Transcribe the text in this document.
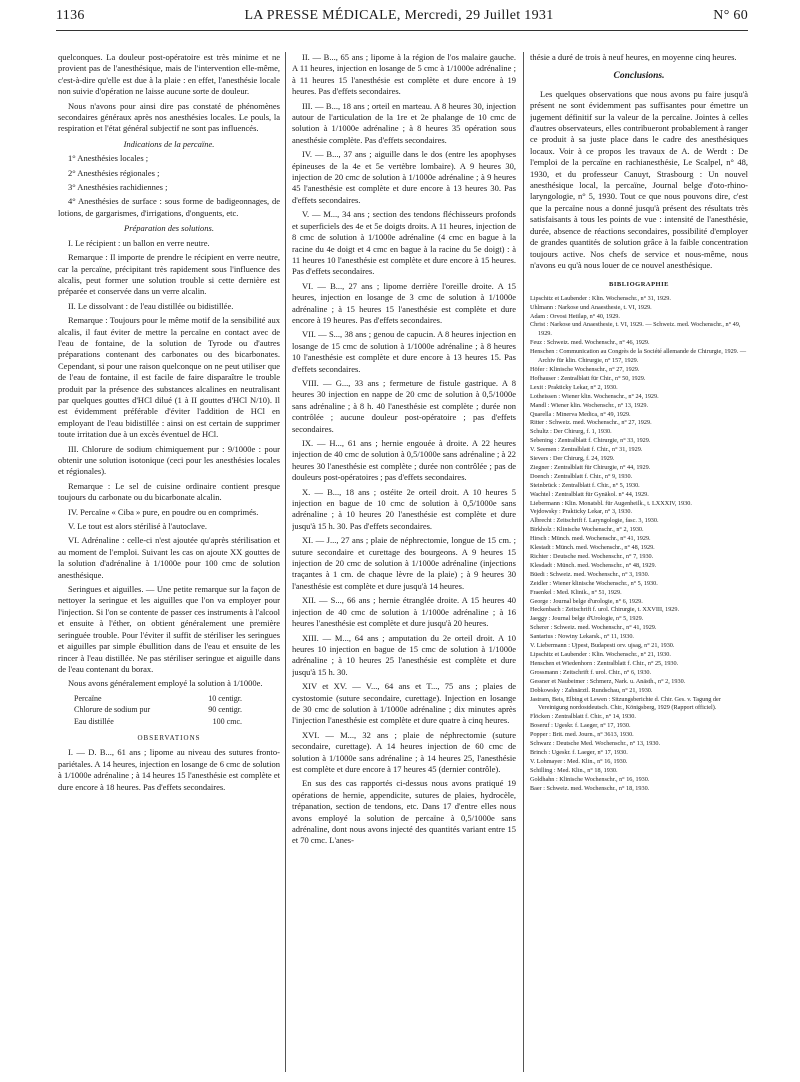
1136	LA PRESSE MÉDICALE, Mercredi, 29 Juillet 1931	N° 60

quelconques. La douleur post-opératoire est très minime et ne provient pas de l'anesthésique, mais de l'intervention elle-même, c'est-à-dire qu'elle est due à la plaie : en effet, l'anesthésie locale non suivie d'opération ne laisse aucune sorte de douleur.

Nous n'avons pour ainsi dire pas constaté de phénomènes secondaires généraux après nos anesthésies locales. Le pouls, la respiration et l'état général subjectif ne sont pas influencés.

Indications de la percaïne.

1° Anesthésies locales ;

2° Anesthésies régionales ;

3° Anesthésies rachidiennes ;

4° Anesthésies de surface : sous forme de badigeonnages, de lotions, de gargarismes, d'irrigations, d'onguents, etc.

Préparation des solutions.

I. Le récipient : un ballon en verre neutre.

Remarque : Il importe de prendre le récipient en verre neutre, car la percaïne, précipitant très rapidement sous l'influence des alcalis, peut former une solution trouble si cette dernière est préparée et conservée dans un verre alcalin.

II. Le dissolvant : de l'eau distillée ou bidistillée.

Remarque : Toujours pour le même motif de la sensibilité aux alcalis, il faut éviter de mettre la percaïne en contact avec de l'eau de fontaine, de la solution de Tyrode ou d'autres préparations contenant des carbonates ou des bicarbonates. Cependant, si pour une raison quelconque on ne peut utiliser que de l'eau de fontaine, il est facile de faire disparaître le trouble produit par la présence des substances alcalines en neutralisant par quelques gouttes d'HCl dilué (1 à II gouttes d'HCl N/10). Il est évidemment préférable d'éviter l'addition de HCl en employant de l'eau bidistillée : ainsi on est certain de supprimer toute irritation due à un excès éventuel de HCl.

III. Chlorure de sodium chimiquement pur : 9/1000e : pour obtenir une solution isotonique (ceci pour les anesthésies locales et régionales).

Remarque : Le sel de cuisine ordinaire contient presque toujours du carbonate ou du bicarbonate alcalin.

IV. Percaïne « Ciba » pure, en poudre ou en comprimés.

V. Le tout est alors stérilisé à l'autoclave.

VI. Adrénaline : celle-ci n'est ajoutée qu'après stérilisation et au moment de l'emploi. Suivant les cas on ajoute XX gouttes de la solution d'adrénaline à 1/1000e pour 100 cmc de solution anesthésique.

Seringues et aiguilles. — Une petite remarque sur la façon de nettoyer la seringue et les aiguilles que l'on va employer pour l'injection. Si l'on se contente de passer ces instruments à l'alcool et ensuite à l'éther, on obtient généralement une première seringuée trouble. Pour l'éviter il suffit de stériliser les seringues et aiguilles par simple ébullition dans de l'eau et ensuite de les rincer à l'eau distillée. Ne pas stériliser seringue et aiguille dans de l'eau contenant du borax.

Nous avons généralement employé la solution à 1/1000e.

Percaïne	10 centigr.
Chlorure de sodium pur	90 centigr.
Eau distillée	100 cmc.
OBSERVATIONS

I. — D. B..., 61 ans ; lipome au niveau des sutures fronto-pariétales. A 14 heures, injection en losange de 6 cmc de solution à 1/1000e adrénaline ; à 14 heures 15 l'anesthésie est complète et dure encore à 18 heures. Pas d'effets secondaires.

II. — B..., 65 ans ; lipome à la région de l'os malaire gauche. A 11 heures, injection en losange de 5 cmc à 1/1000e adrénaline ; à 11 heures 15 l'anesthésie est complète et dure encore à 19 heures. Pas d'effets secondaires.

III. — B..., 18 ans ; orteil en marteau. A 8 heures 30, injection autour de l'articulation de la 1re et 2e phalange de 10 cmc de solution à 1/1000e adrénaline ; à 8 heures 35 opération sous anesthésie complète. Pas d'effets secondaires.

IV. — B..., 37 ans ; aiguille dans le dos (entre les apophyses épineuses de la 4e et 5e vertèbre lombaire). A 9 heures 30, injection de 20 cmc de solution à 1/1000e adrénaline ; à 9 heures 45 l'anesthésie est complète et dure encore à 13 heures 30. Pas d'effets secondaires.

V. — M..., 34 ans ; section des tendons fléchisseurs profonds et superficiels des 4e et 5e doigts droits. A 11 heures, injection de 8 cmc de solution à 1/1000e adrénaline (4 cmc en bague à la racine du 4e doigt et 4 cmc en bague à la racine du 5e doigt) : à 11 heures 10 l'anesthésie est complète et dure encore à 15 heures. Pas d'effets secondaires.

VI. — B..., 27 ans ; lipome derrière l'oreille droite. A 15 heures, injection en losange de 3 cmc de solution à 1/1000e adrénaline ; à 15 heures 15 l'anesthésie est complète et dure encore à 19 heures. Pas d'effets secondaires.

VII. — S..., 38 ans ; genou de capucin. A 8 heures injection en losange de 15 cmc de solution à 1/1000e adrénaline ; à 8 heures 10 l'anesthésie est complète et dure encore à 13 heures 15. Pas d'effets secondaires.

VIII. — G..., 33 ans ; fermeture de fistule gastrique. A 8 heures 30 injection en nappe de 20 cmc de solution à 0,5/1000e sans adrénaline ; à 8 h. 40 l'anesthésie est complète ; durée non contrôlée ; aucune douleur post-opératoire ; pas d'effets secondaires.

IX. — H..., 61 ans ; hernie engouée à droite. A 22 heures injection de 40 cmc de solution à 0,5/1000e sans adrénaline ; à 22 heures 30 l'anesthésie est complète ; durée non contrôlée ; pas de douleurs post-opératoires ; pas d'effets secondaires.

X. — B..., 18 ans ; ostéite 2e orteil droit. A 10 heures 5 injection en bague de 10 cmc de solution à 0,5/1000e sans adrénaline ; à 10 heures 20 l'anesthésie est complète et dure jusqu'à 15 h. 30. Pas d'effets secondaires.

XI. — J..., 27 ans ; plaie de néphrectomie, longue de 15 cm. ; suture secondaire et curettage des bourgeons. A 9 heures 15 injection de 20 cmc de solution à 1/1000e adrénaline (injections traçantes à 1 cm. de chaque lèvre de la plaie) ; à 9 heures 30 l'anesthésie est complète et dure jusqu'à 14 heures.

XII. — S..., 66 ans ; hernie étranglée droite. A 15 heures 40 injection de 40 cmc de solution à 1/1000e adrénaline ; à 16 heures l'anesthésie est complète et dure jusqu'à 20 heures.

XIII. — M..., 64 ans ; amputation du 2e orteil droit. A 10 heures 10 injection en bague de 15 cmc de solution à 1/1000e adrénaline ; à 10 heures 25 l'anesthésie est complète et dure jusqu'à 15 h. 30.

XIV et XV. — V..., 64 ans et T..., 75 ans ; plaies de cystostomie (suture secondaire, curettage). Injection en losange de 30 cmc de solution à 1/1000e adrénaline ; dix minutes après l'injection l'anesthésie est complète et dure quatre à cinq heures.

XVI. — M..., 32 ans ; plaie de néphrectomie (suture secondaire, curettage). A 14 heures injection de 60 cmc de solution à 1/1000e sans adrénaline ; à 14 heures 25, l'anesthésie est complète et dure encore à 17 heures 45 (dernier contrôle).

En sus des cas rapportés ci-dessus nous avons pratiqué 19 opérations de hernie, appendicite, sutures de plaies, hydrocèle, trépanation, section de tendons, etc. Dans 17 d'entre elles nous avons employé la solution de percaïne à 0,5/1000e sans adrénaline, dont nous avons injecté des quantités variant entre 15 et 70 cmc. L'anes-

thésie a duré de trois à neuf heures, en moyenne cinq heures.

Conclusions.

Les quelques observations que nous avons pu faire jusqu'à présent ne sont évidemment pas suffisantes pour émettre un jugement définitif sur la valeur de la percaïne. Jointes à celles d'autres observateurs, elles contribueront probablement à ranger ce produit à sa juste place dans le cadre des anesthésiques locaux. Voir à ce propos les travaux de A. de Werdt : De l'emploi de la percaïne en rachianesthésie, Le Scalpel, n° 48, 1930, et du professeur Canuyt, Strasbourg : Un nouvel anesthésique local, la percaïne, Journal belge d'oto-rhino-laryngologie, n° 5, 1930. Tout ce que nous pouvons dire, c'est que la percaïne nous a donné jusqu'à présent des résultats très satisfaisants à tous les points de vue : intensité de l'anesthésie, durée, absence de réactions secondaires, possibilité d'employer de grandes quantités de solution grâce à la faible concentration toujours active. Nos chefs de service et nous-même, nous n'avons eu qu'à nous louer de ce nouvel anesthésique.

BIBLIOGRAPHIE
Lipschitz et Laubender : Klin. Wochenschr., n° 31, 1929.
Uhlmann : Narkose und Anaesthesie, t. VI, 1929.
Adam : Orvosi Hetilap, n° 40, 1929.
Christ : Narkose und Anaesthesie, t. VI, 1929. — Schweiz. med. Wochenschr., n° 49, 1929.
Feuz : Schweiz. med. Wochenschr., n° 46, 1929.
Henschen : Communication au Congrès de la Société allemande de Chirurgie, 1929. — Archiv für klin. Chirurgie, n° 157, 1929.
Höfer : Klinische Wochenschr., n° 27, 1929.
Hofhauser : Zentralblatt für Chir., n° 50, 1929.
Lexit : Prakticky Lekar, n° 2, 1930.
Lotheissen : Wiener klin. Wochenschr., n° 24, 1929.
Mandl : Wiener klin. Wochenschr., n° 13, 1929.
Quarella : Minerva Medica, n° 49, 1929.
Ritter : Schweiz. med. Wochenschr., n° 27, 1929.
Schultz : Der Chirurg, f. 1, 1930.
Sebening : Zentralblatt f. Chirurgie, n° 33, 1929.
V. Seemen : Zentralblatt f. Chir., n° 31, 1929.
Sievers : Der Chirurg, f. 24, 1929.
Ziegner : Zentralblatt für Chirurgie, n° 44, 1929.
Doench : Zentralblatt f. Chir., n° 9, 1930.
Steinbrück : Zentralblatt f. Chir., n° 5, 1930.
Wachtel : Zentralblatt für Gynäkol. n° 44, 1929.
Liebermann : Klin. Monatsbl. für Augenheilk., t. LXXXIV, 1930.
Vejdowsky : Prakticky Lekar, n° 3, 1930.
Albrecht : Zeitschrift f. Laryngologie, fasc. 3, 1930.
Birkholz : Klinische Wochenschr., n° 2, 1930.
Hirsch : Münch. med. Wochenschr., n° 41, 1929.
Klestadt : Münch. med. Wochenschr., n° 48, 1929.
Richter : Deutsche med. Wochenschr., n° 7, 1930.
Klesdadt : Münch. med. Wochenschr., n° 48, 1929.
Büedi : Schweiz. med. Wochenschr., n° 3, 1930.
Zeidler : Wiener klinische Wochenschr., n° 5, 1930.
Fraenkel : Med. Klinik., n° 51, 1929.
George : Journal belge d'urologie, n° 6, 1929.
Heckenbach : Zeitschrift f. urol. Chirurgie, t. XXVIII, 1929.
Jaeggy : Journal belge d'Urologie, n° 5, 1929.
Scherer : Schweiz. med. Wochenschr., n° 41, 1929.
Santarius : Nowiny Lekarsk., n° 11, 1930.
V. Liebermann : Ujpest, Budapesti orv. ujsag, n° 21, 1930.
Lipschitz et Laubender : Klin. Wochenschr., n° 21, 1930.
Henschen et Wiedenhorn : Zentralblatt f. Chir., n° 25, 1930.
Grossmann : Zeitschrift f. urol. Chir., n° 6, 1930.
Gessner et Naubeimer : Schmerz, Nark. u. Anästh., n° 2, 1930.
Dobkowsky : Zahnärztl. Rundschau, n° 21, 1930.
Jastram, Beis, Elbing et Lewen : Sitzungsberichte d. Chir. Ges. v. Tagung der Vereinigung nordostdeutsch. Chir., Königsberg, 1929 (Rapport officiel).
Flöcken : Zentralblatt f. Chir., n° 14, 1930.
Boseruf : Ugeskr. f. Laeger, n° 17, 1930.
Popper : Brit. med. Journ., n° 3613, 1930.
Schwarz : Deutsche Med. Wochenschr., n° 13, 1930.
Brinch : Ugeskr. f. Laeger, n° 17, 1930.
V. Lohmayer : Med. Klin., n° 16, 1930.
Schilling : Med. Klin., n° 18, 1930.
Goldhahn : Klinische Wochenschr., n° 16, 1930.
Baer : Schweiz. med. Wochenschr., n° 18, 1930.
